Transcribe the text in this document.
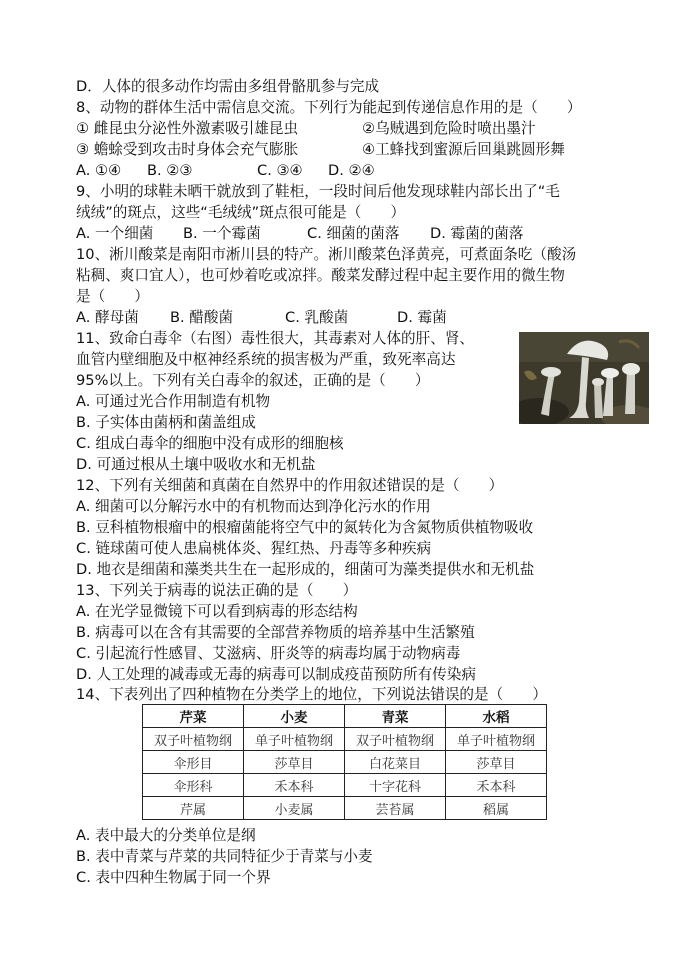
D．人体的很多动作均需由多组骨骼肌参与完成
8、动物的群体生活中需信息交流。下列行为能起到传递信息作用的是（　　）
① 雌昆虫分泌性外激素吸引雄昆虫	②乌贼遇到危险时喷出墨汁
③ 蟾蜍受到攻击时身体会充气膨胀	④工蜂找到蜜源后回巢跳圆形舞
A. ①④ B. ②③	C. ③④ D. ②④
9、小明的球鞋未晒干就放到了鞋柜，一段时间后他发现球鞋内部长出了“毛
绒绒”的斑点，这些“毛绒绒”斑点很可能是（　　）
A. 一个细菌 B. 一个霉菌	C. 细菌的菌落 D. 霉菌的菌落
10、淅川酸菜是南阳市淅川县的特产。淅川酸菜色泽黄亮，可煮面条吃（酸汤
粘稠、爽口宜人），也可炒着吃或凉拌。酸菜发酵过程中起主要作用的微生物
是（　　）
A. 酵母菌 B. 醋酸菌	C. 乳酸菌	D. 霉菌
11、致命白毒伞（右图）毒性很大，其毒素对人体的肝、肾、
血管内壁细胞及中枢神经系统的损害极为严重，致死率高达
95%以上。下列有关白毒伞的叙述，正确的是（　　）
A. 可通过光合作用制造有机物
B. 子实体由菌柄和菌盖组成
C. 组成白毒伞的细胞中没有成形的细胞核
D. 可通过根从土壤中吸收水和无机盐
12、下列有关细菌和真菌在自然界中的作用叙述错误的是（　　）
A. 细菌可以分解污水中的有机物而达到净化污水的作用
B. 豆科植物根瘤中的根瘤菌能将空气中的氮转化为含氮物质供植物吸收
C. 链球菌可使人患扁桃体炎、猩红热、丹毒等多种疾病
D. 地衣是细菌和藻类共生在一起形成的，细菌可为藻类提供水和无机盐
13、下列关于病毒的说法正确的是（　　）
A. 在光学显微镜下可以看到病毒的形态结构
B. 病毒可以在含有其需要的全部营养物质的培养基中生活繁殖
C. 引起流行性感冒、艾滋病、肝炎等的病毒均属于动物病毒
D. 人工处理的减毒或无毒的病毒可以制成疫苗预防所有传染病
14、下表列出了四种植物在分类学上的地位，下列说法错误的是（　　）
芹菜	小麦	青菜	水稻
双子叶植物纲	单子叶植物纲	双子叶植物纲	单子叶植物纲
伞形目	莎草目	白花菜目	莎草目
伞形科	禾本科	十字花科	禾本科
芹属	小麦属	芸苔属	稻属
A. 表中最大的分类单位是纲
B. 表中青菜与芹菜的共同特征少于青菜与小麦
C. 表中四种生物属于同一个界
